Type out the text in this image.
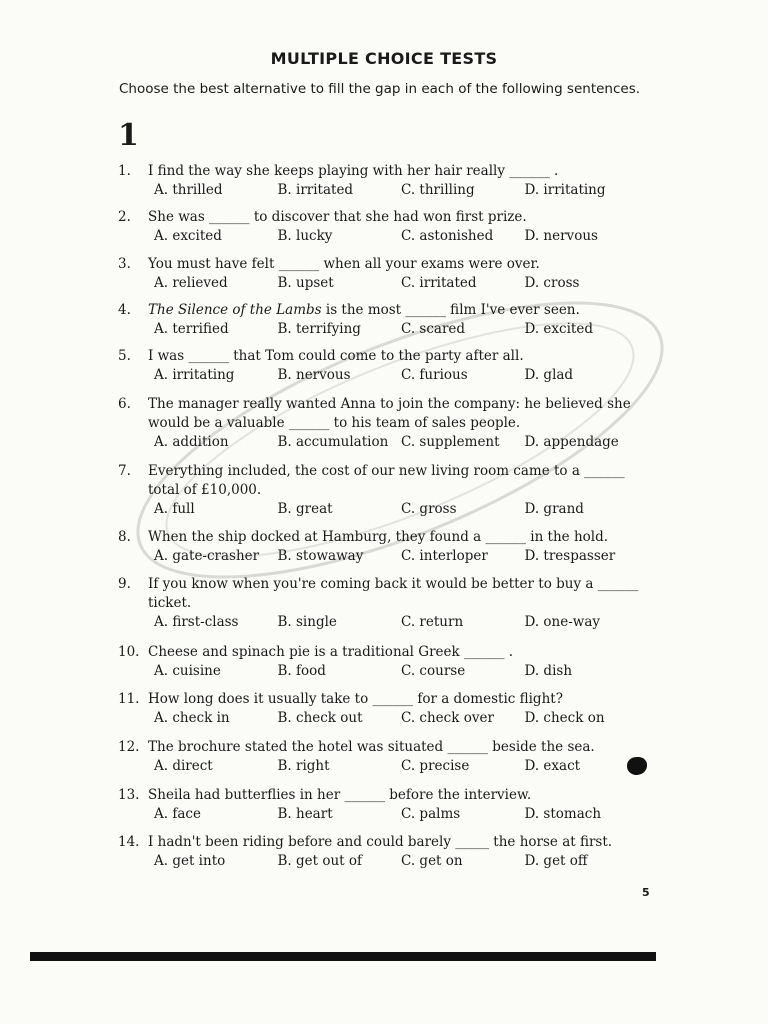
MULTIPLE CHOICE TESTS
Choose the best alternative to fill the gap in each of the following sentences.
1
1.	I find the way she keeps playing with her hair really ______ .
A. thrilled	B. irritated	C. thrilling	D. irritating
2.	She was ______ to discover that she had won first prize.
A. excited	B. lucky	C. astonished	D. nervous
3.	You must have felt ______ when all your exams were over.
A. relieved	B. upset	C. irritated	D. cross
4.	The Silence of the Lambs is the most ______ film I've ever seen.
A. terrified	B. terrifying	C. scared	D. excited
5.	I was ______ that Tom could come to the party after all.
A. irritating	B. nervous	C. furious	D. glad
6.	The manager really wanted Anna to join the company: he believed she would be a valuable ______ to his team of sales people.
A. addition	B. accumulation C. supplement	D. appendage
7.	Everything included, the cost of our new living room came to a ______ total of £10,000.
A. full	B. great	C. gross	D. grand
8.	When the ship docked at Hamburg, they found a ______ in the hold.
A. gate-crasher	B. stowaway	C. interloper	D. trespasser
9.	If you know when you're coming back it would be better to buy a ______ ticket.
A. first-class	B. single	C. return	D. one-way
10. Cheese and spinach pie is a traditional Greek ______ .
A. cuisine	B. food	C. course	D. dish
11. How long does it usually take to ______ for a domestic flight?
A. check in	B. check out	C. check over	D. check on
12. The brochure stated the hotel was situated ______ beside the sea.
A. direct	B. right	C. precise	D. exact
13. Sheila had butterflies in her ______ before the interview.
A. face	B. heart	C. palms	D. stomach
14. I hadn't been riding before and could barely _____ the horse at first.
A. get into	B. get out of	C. get on	D. get off
5
